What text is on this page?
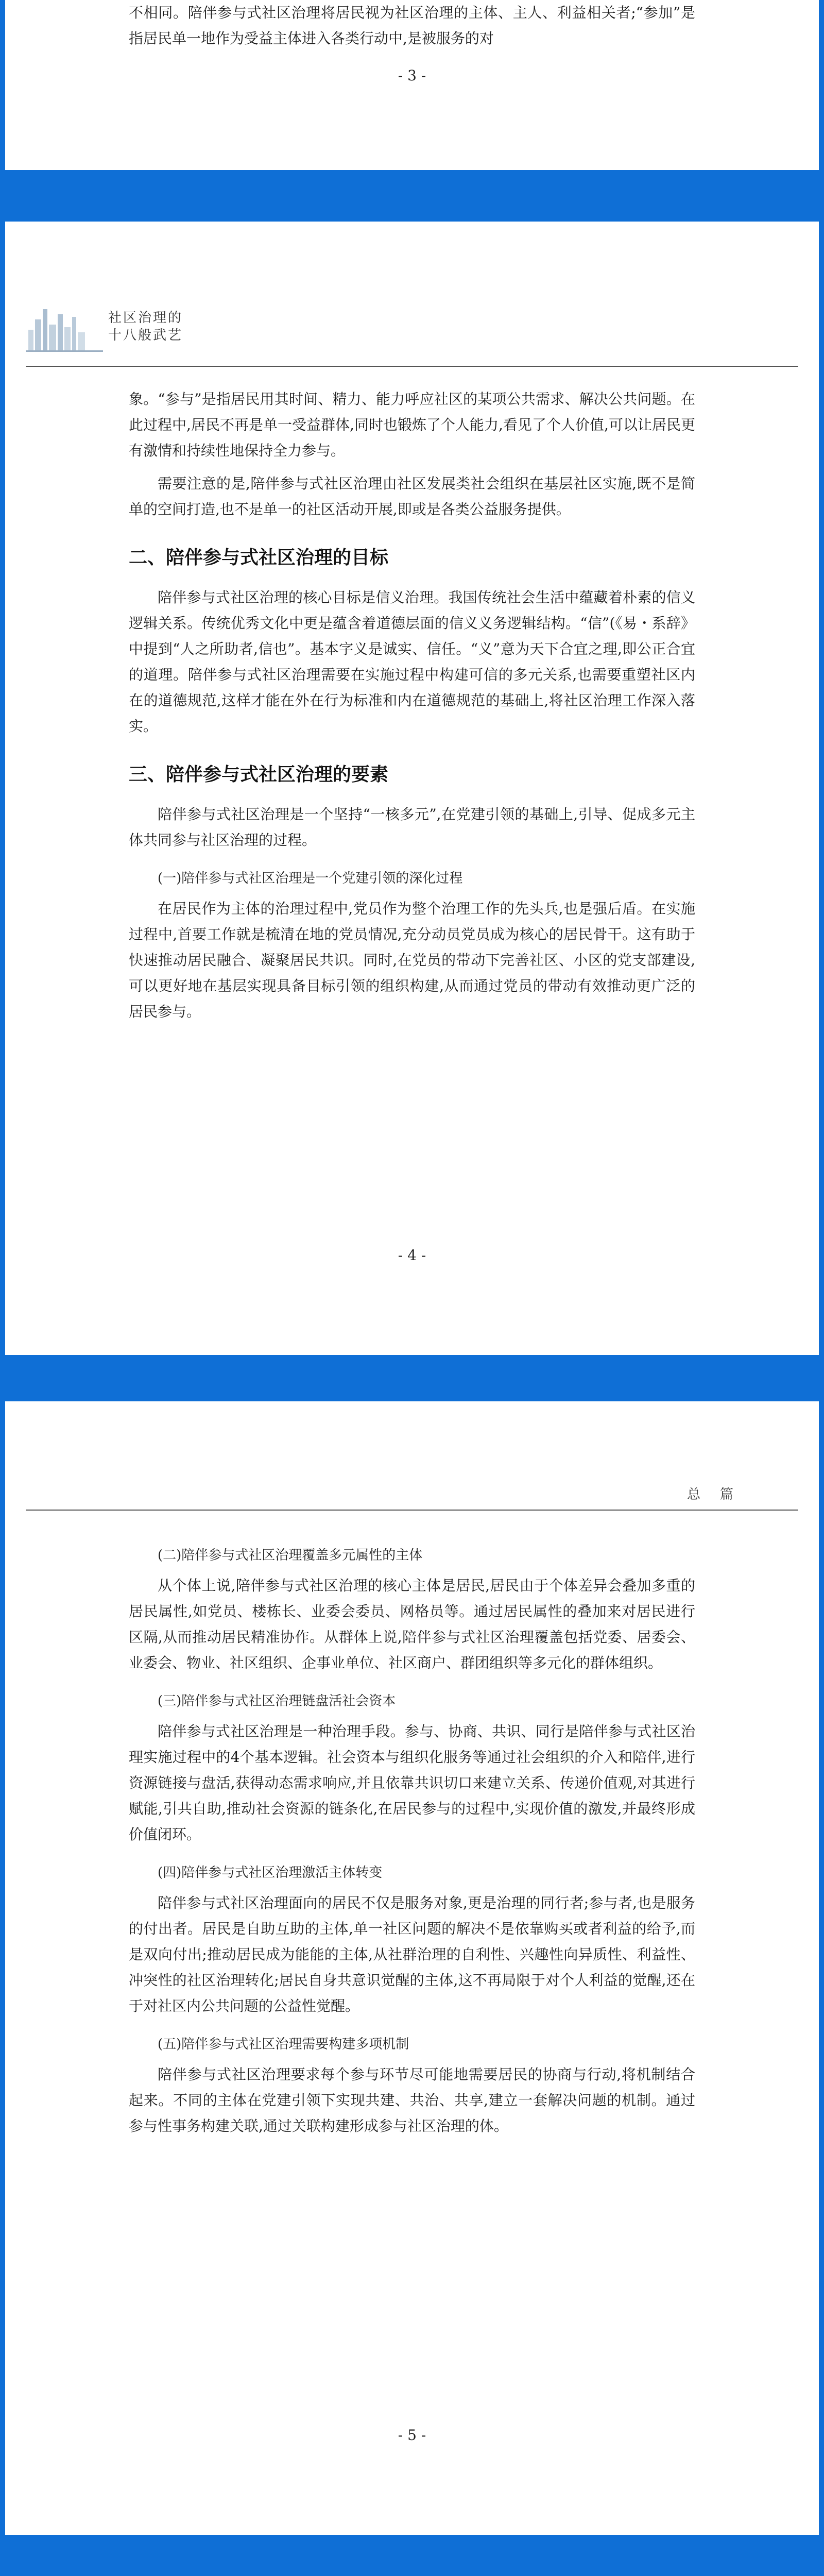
不相同。陪伴参与式社区治理将居民视为社区治理的主体、主人、利益相关者;“参加”是指居民单一地作为受益主体进入各类行动中,是被服务的对

- 3 -
社区治理的
十八般武艺

象。“参与”是指居民用其时间、精力、能力呼应社区的某项公共需求、解决公共问题。在此过程中,居民不再是单一受益群体,同时也锻炼了个人能力,看见了个人价值,可以让居民更有激情和持续性地保持全力参与。

需要注意的是,陪伴参与式社区治理由社区发展类社会组织在基层社区实施,既不是简单的空间打造,也不是单一的社区活动开展,即或是各类公益服务提供。

二、陪伴参与式社区治理的目标

陪伴参与式社区治理的核心目标是信义治理。我国传统社会生活中蕴藏着朴素的信义逻辑关系。传统优秀文化中更是蕴含着道德层面的信义义务逻辑结构。“信”(《易・系辞》中提到“人之所助者,信也”。基本字义是诚实、信任。“义”意为天下合宜之理,即公正合宜的道理。陪伴参与式社区治理需要在实施过程中构建可信的多元关系,也需要重塑社区内在的道德规范,这样才能在外在行为标准和内在道德规范的基础上,将社区治理工作深入落实。

三、陪伴参与式社区治理的要素

陪伴参与式社区治理是一个坚持“一核多元”,在党建引领的基础上,引导、促成多元主体共同参与社区治理的过程。

(一)陪伴参与式社区治理是一个党建引领的深化过程

在居民作为主体的治理过程中,党员作为整个治理工作的先头兵,也是强后盾。在实施过程中,首要工作就是梳清在地的党员情况,充分动员党员成为核心的居民骨干。这有助于快速推动居民融合、凝聚居民共识。同时,在党员的带动下完善社区、小区的党支部建设,可以更好地在基层实现具备目标引领的组织构建,从而通过党员的带动有效推动更广泛的居民参与。

- 4 -
总　篇
(二)陪伴参与式社区治理覆盖多元属性的主体

从个体上说,陪伴参与式社区治理的核心主体是居民,居民由于个体差异会叠加多重的居民属性,如党员、楼栋长、业委会委员、网格员等。通过居民属性的叠加来对居民进行区隔,从而推动居民精准协作。从群体上说,陪伴参与式社区治理覆盖包括党委、居委会、业委会、物业、社区组织、企事业单位、社区商户、群团组织等多元化的群体组织。

(三)陪伴参与式社区治理链盘活社会资本

陪伴参与式社区治理是一种治理手段。参与、协商、共识、同行是陪伴参与式社区治理实施过程中的4个基本逻辑。社会资本与组织化服务等通过社会组织的介入和陪伴,进行资源链接与盘活,获得动态需求响应,并且依靠共识切口来建立关系、传递价值观,对其进行赋能,引共自助,推动社会资源的链条化,在居民参与的过程中,实现价值的激发,并最终形成价值闭环。

(四)陪伴参与式社区治理激活主体转变

陪伴参与式社区治理面向的居民不仅是服务对象,更是治理的同行者;参与者,也是服务的付出者。居民是自助互助的主体,单一社区问题的解决不是依靠购买或者利益的给予,而是双向付出;推动居民成为能能的主体,从社群治理的自利性、兴趣性向异质性、利益性、冲突性的社区治理转化;居民自身共意识觉醒的主体,这不再局限于对个人利益的觉醒,还在于对社区内公共问题的公益性觉醒。

(五)陪伴参与式社区治理需要构建多项机制

陪伴参与式社区治理要求每个参与环节尽可能地需要居民的协商与行动,将机制结合起来。不同的主体在党建引领下实现共建、共治、共享,建立一套解决问题的机制。通过参与性事务构建关联,通过关联构建形成参与社区治理的体。

- 5 -
